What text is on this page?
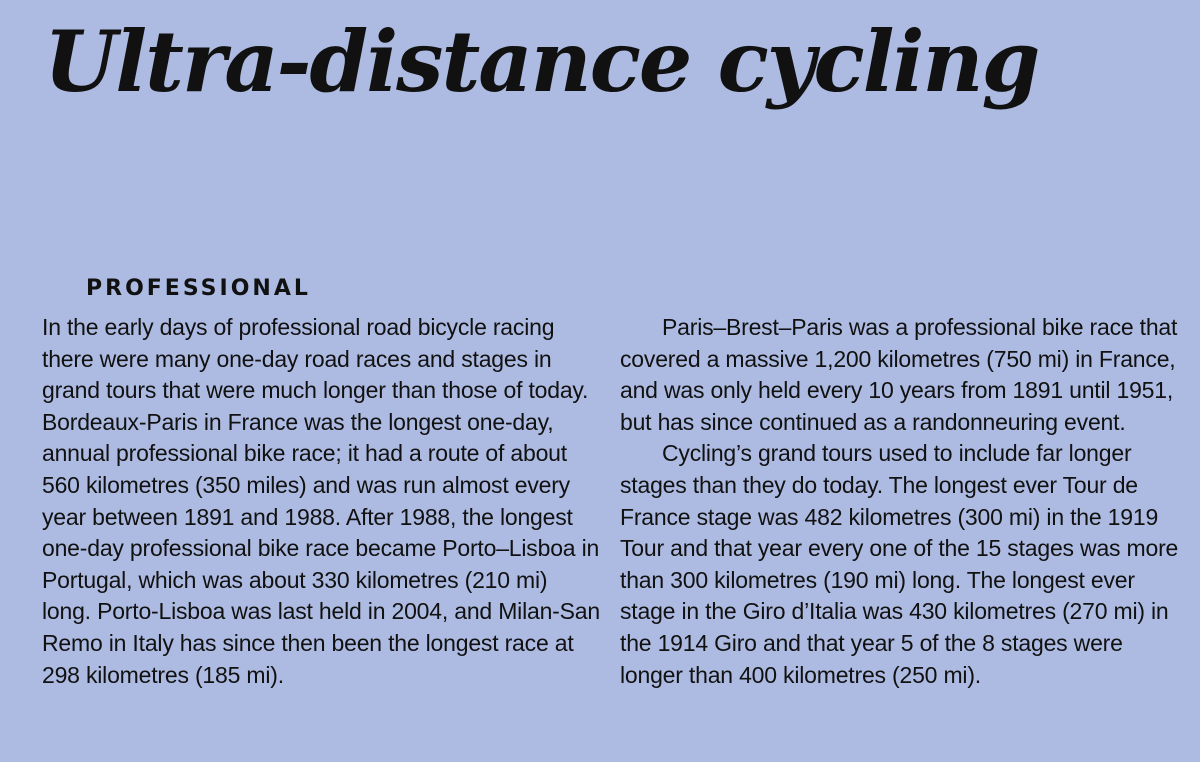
Ultra-distance cycling
PROFESSIONAL

In the early days of professional road bicycle racing there were many one-day road races and stages in grand tours that were much longer than those of today. Bordeaux-Paris in France was the longest one-day, annual professional bike race; it had a route of about 560 kilometres (350 miles) and was run almost every year between 1891 and 1988. After 1988, the longest one-day professional bike race became Porto–Lisboa in Portugal, which was about 330 kilometres (210 mi) long. Porto-Lisboa was last held in 2004, and Milan-San Remo in Italy has since then been the longest race at 298 kilometres (185 mi).

Paris–Brest–Paris was a professional bike race that covered a massive 1,200 kilometres (750 mi) in France, and was only held every 10 years from 1891 until 1951, but has since continued as a randonneuring event.

Cycling’s grand tours used to include far longer stages than they do today. The longest ever Tour de France stage was 482 kilometres (300 mi) in the 1919 Tour and that year every one of the 15 stages was more than 300 kilometres (190 mi) long. The longest ever stage in the Giro d’Italia was 430 kilometres (270 mi) in the 1914 Giro and that year 5 of the 8 stages were longer than 400 kilometres (250 mi).
